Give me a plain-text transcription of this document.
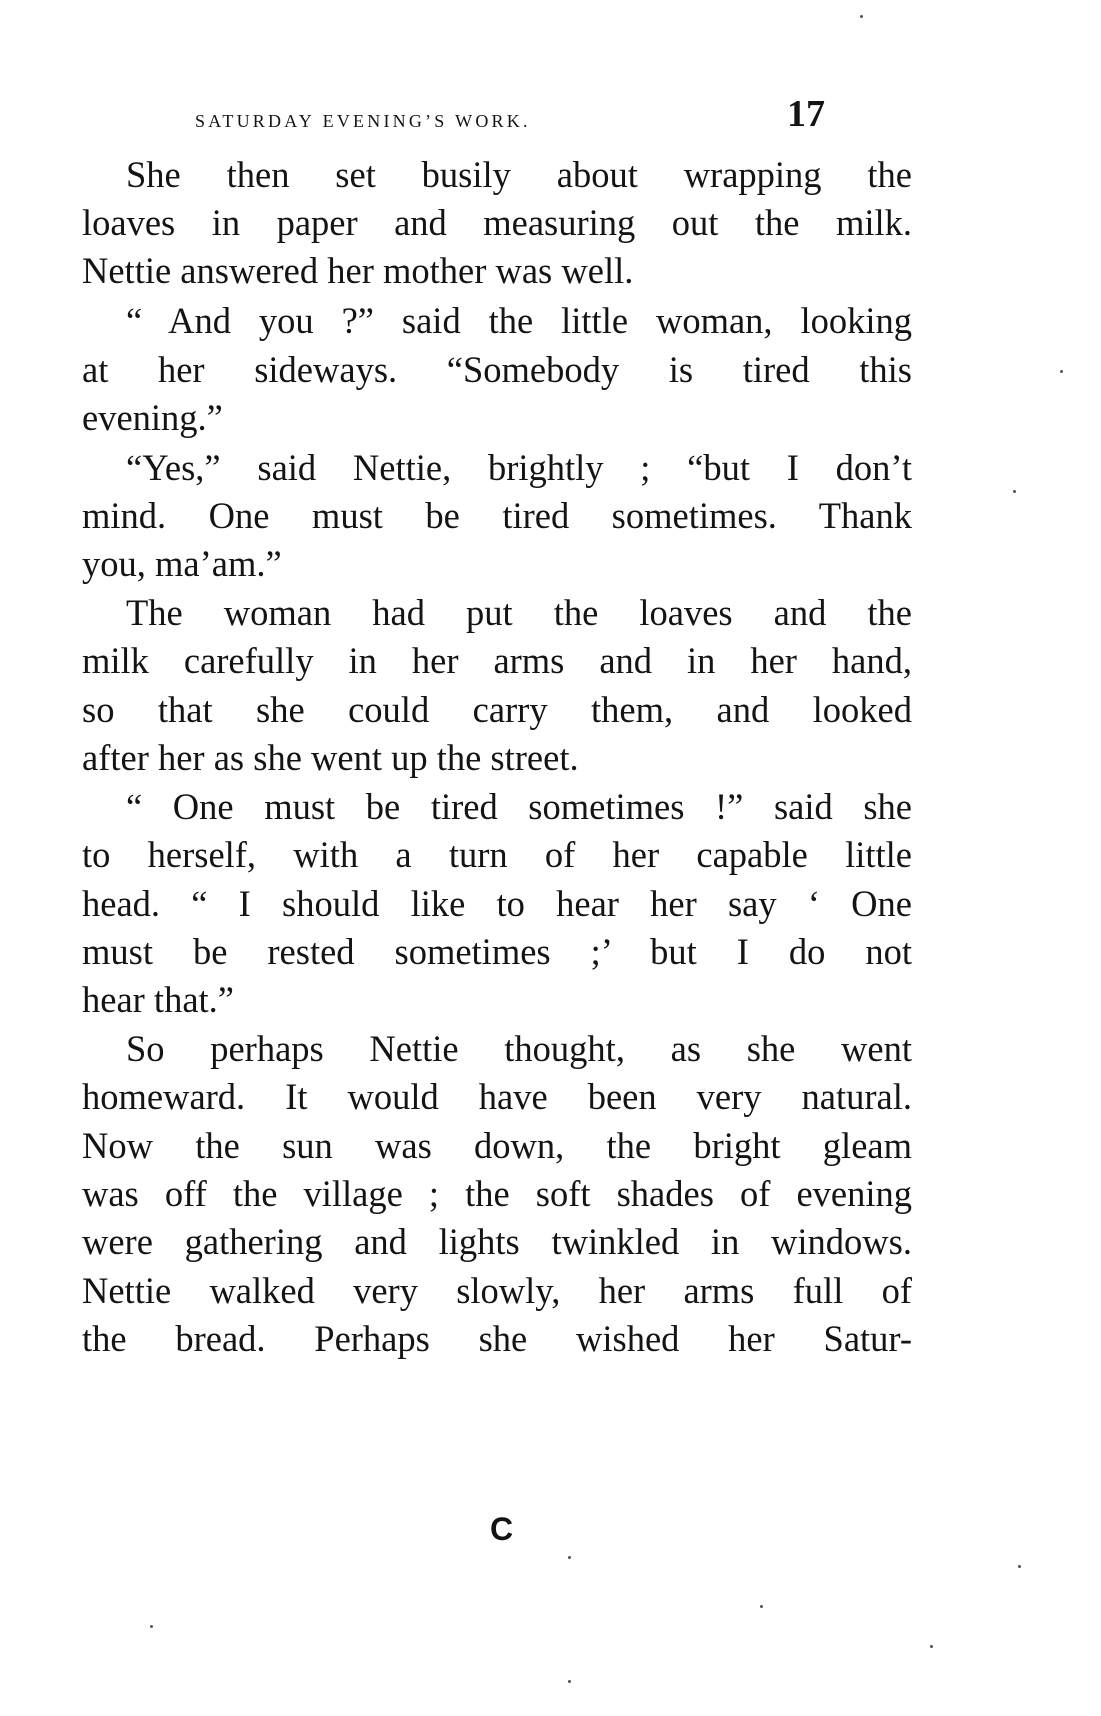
saturday evening’s work.	17
She then set busily about wrapping the
loaves in paper and measuring out the milk.
Nettie answered her mother was well.
“ And you ?” said the little woman, looking
at her sideways. “Somebody is tired this
evening.”
“Yes,” said Nettie, brightly ; “but I don’t
mind. One must be tired sometimes. Thank
you, ma’am.”
The woman had put the loaves and the
milk carefully in her arms and in her hand,
so that she could carry them, and looked
after her as she went up the street.
“ One must be tired sometimes !” said she
to herself, with a turn of her capable little
head. “ I should like to hear her say ‘ One
must be rested sometimes ;’ but I do not
hear that.”
So perhaps Nettie thought, as she went
homeward. It would have been very natural.
Now the sun was down, the bright gleam
was off the village ; the soft shades of evening
were gathering and lights twinkled in windows.
Nettie walked very slowly, her arms full of
the bread. Perhaps she wished her Satur-
C
